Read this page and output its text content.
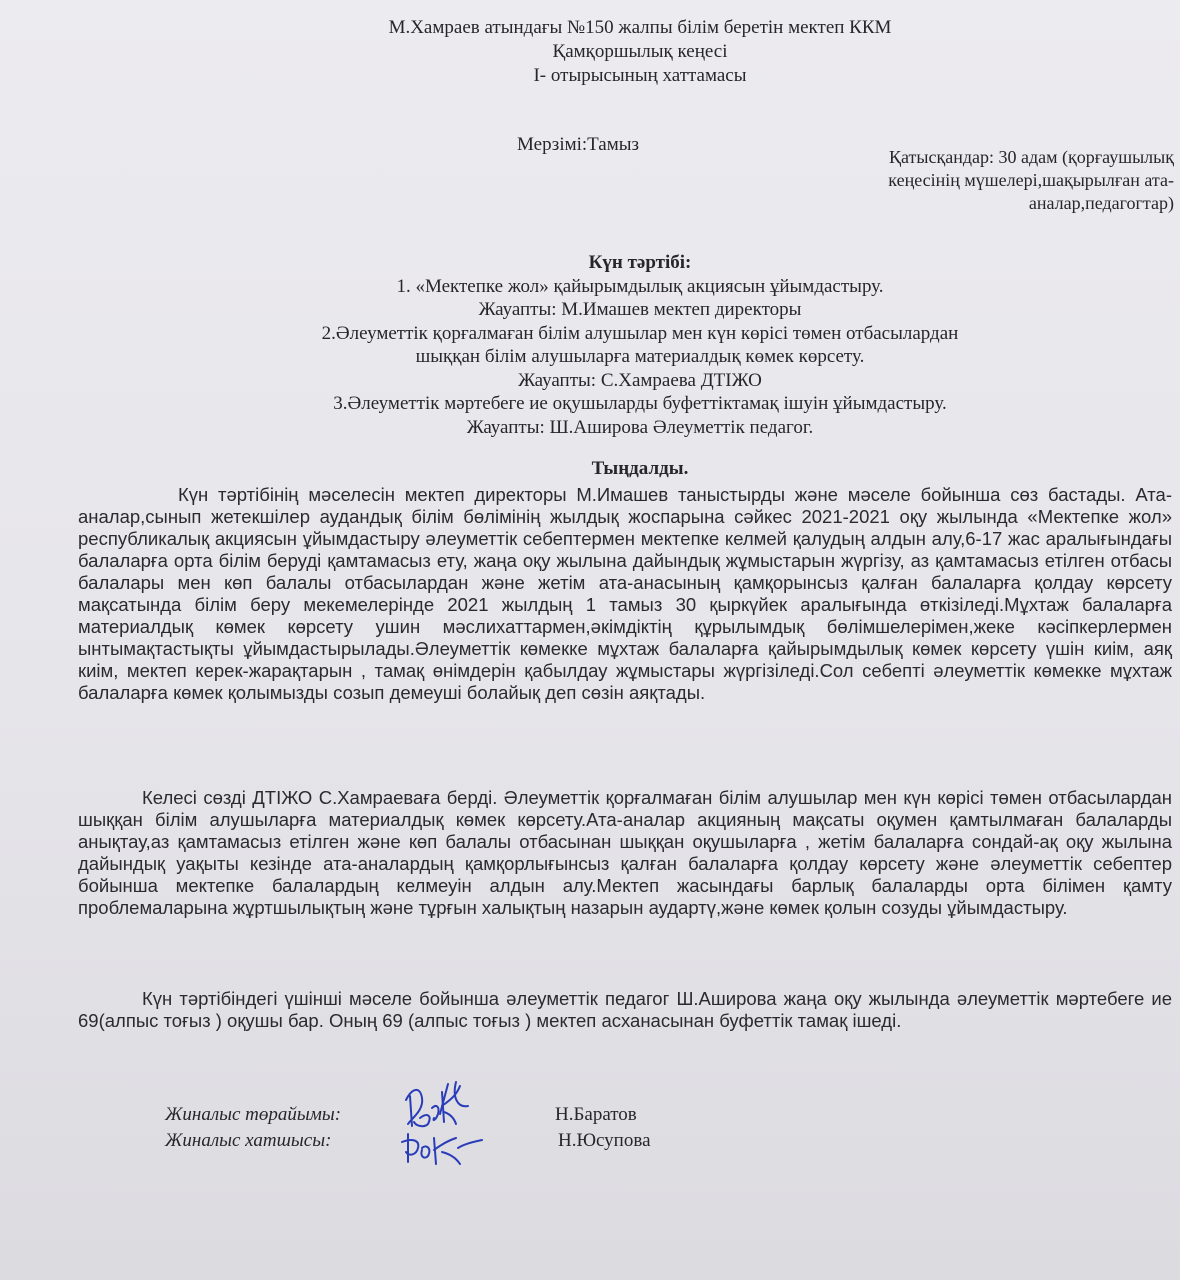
М.Хамраев атындағы №150 жалпы білім беретін мектеп ККМ
Қамқоршылық кеңесі
I- отырысының хаттамасы
Мерзімі:Тамыз
Қатысқандар: 30 адам (қорғаушылық
кеңесінің мүшелері,шақырылған ата-
аналар,педагогтар)
Күн тәртібі:
1. «Мектепке жол» қайырымдылық акциясын ұйымдастыру.
Жауапты: М.Имашев мектеп директоры
2.Әлеуметтік қорғалмаған білім алушылар мен күн көрісі төмен отбасылардан
шыққан білім алушыларға материалдық көмек көрсету.
Жауапты: С.Хамраева ДТІЖО
3.Әлеуметтік мәртебеге ие оқушыларды буфеттіктамақ ішуін ұйымдастыру.
Жауапты: Ш.Аширова Әлеуметтік педагог.
Тыңдалды.
Күн тәртібінің мәселесін мектеп директоры М.Имашев таныстырды және мәселе бойынша сөз бастады. Ата-аналар,сынып жетекшілер аудандық білім бөлімінің жылдық жоспарына сәйкес 2021-2021 оқу жылында «Мектепке жол» республикалық акциясын ұйымдастыру әлеуметтік себептермен мектепке келмей қалудың алдын алу,6-17 жас аралығындағы балаларға орта білім беруді қамтамасыз ету, жаңа оқу жылына дайындық жұмыстарын жүргізу, аз қамтамасыз етілген отбасы балалары мен көп балалы отбасылардан және жетім ата-анасының қамқорынсыз қалған балаларға қолдау көрсету мақсатында білім беру мекемелерінде 2021 жылдың 1 тамыз 30 қыркүйек аралығында өткізіледі.Мұхтаж балаларға материалдық көмек көрсету ушин мәслихаттармен,әкімдіктің құрылымдық бөлімшелерімен,жеке кәсіпкерлермен ынтымақтастықты ұйымдастырылады.Әлеуметтік көмекке мұхтаж балаларға қайырымдылық көмек көрсету үшін киім, аяқ киім, мектеп керек-жарақтарын , тамақ өнімдерін қабылдау жұмыстары жүргізіледі.Сол себепті әлеуметтік көмекке мұхтаж балаларға көмек қолымызды созып демеуші болайық деп сөзін аяқтады.
Келесі сөзді ДТІЖО С.Хамраеваға берді. Әлеуметтік қорғалмаған білім алушылар мен күн көрісі төмен отбасылардан шыққан білім алушыларға материалдық көмек көрсету.Ата-аналар акцияның мақсаты оқумен қамтылмаған балаларды анықтау,аз қамтамасыз етілген және көп балалы отбасынан шыққан оқушыларға , жетім балаларға сондай-ақ оқу жылына дайындық уақыты кезінде ата-аналардың қамқорлығынсыз қалған балаларға қолдау көрсету және әлеуметтік себептер бойынша мектепке балалардың келмеуін алдын алу.Мектеп жасындағы барлық балаларды орта білімен қамту проблемаларына жұртшылықтың және тұрғын халықтың назарын аудартү,және көмек қолын созуды ұйымдастыру.
Күн тәртібіндегі үшінші мәселе бойынша әлеуметтік педагог Ш.Аширова жаңа оқу жылында әлеуметтік мәртебеге ие 69(алпыс тоғыз ) оқушы бар. Оның 69 (алпыс тоғыз ) мектеп асханасынан буфеттік тамақ ішеді.
Жиналыс төрайымы:	Н.Баратов
Жиналыс хатшысы:	Н.Юсупова
